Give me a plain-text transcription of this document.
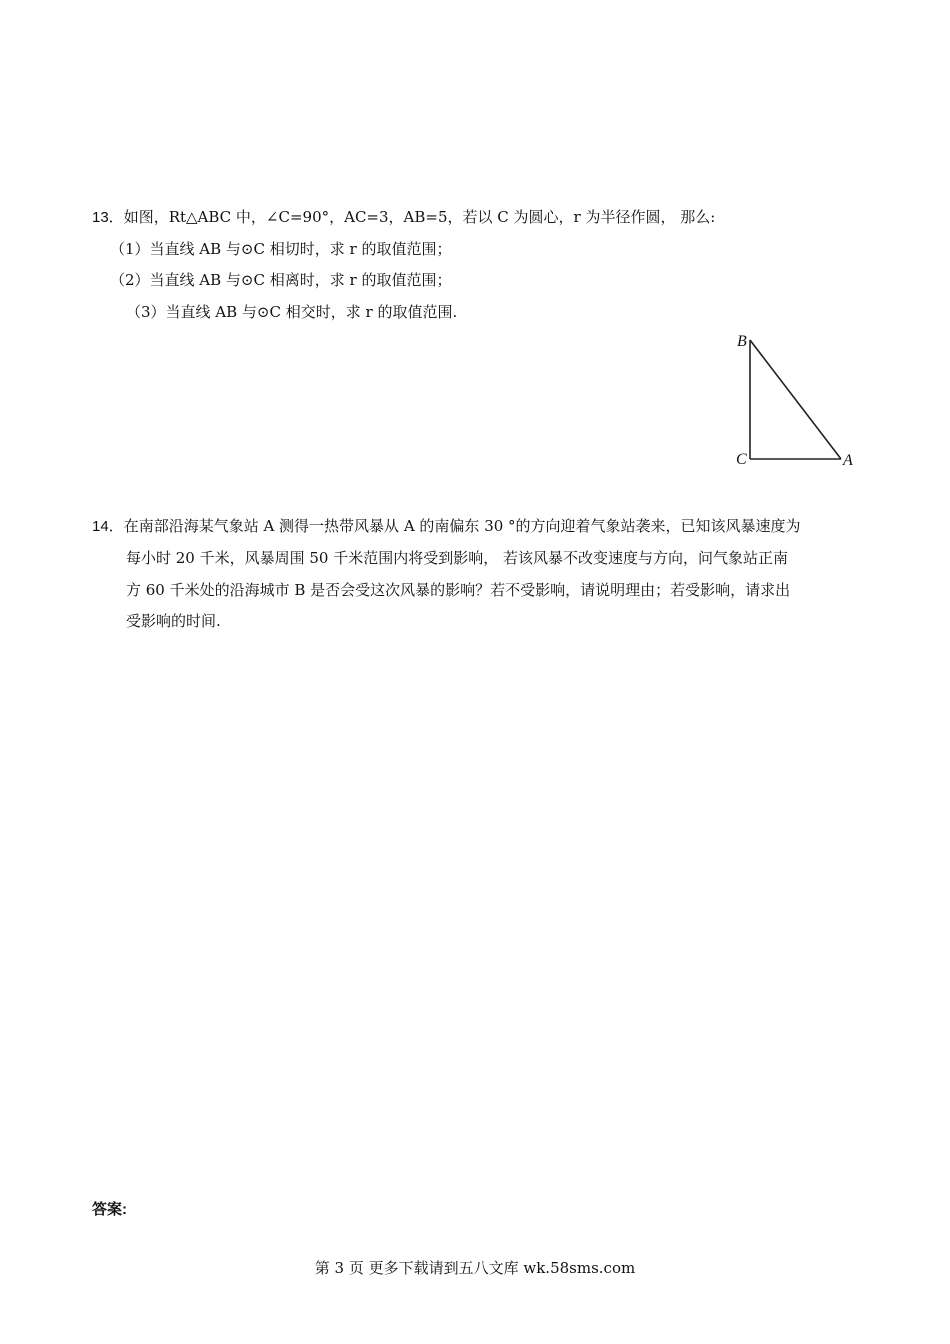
13．如图，Rt△ABC 中，∠C=90°，AC=3，AB=5，若以 C 为圆心，r 为半径作圆， 那么:
（1）当直线 AB 与⊙C 相切时，求 r 的取值范围；
（2）当直线 AB 与⊙C 相离时，求 r 的取值范围；
（3）当直线 AB 与⊙C 相交时，求 r 的取值范围.
B
C	A
14．在南部沿海某气象站 A 测得一热带风暴从 A 的南偏东 30 °的方向迎着气象站袭来，已知该风暴速度为
每小时 20 千米，风暴周围 50 千米范围内将受到影响， 若该风暴不改变速度与方向，问气象站正南
方 60 千米处的沿海城市 B 是否会受这次风暴的影响？若不受影响，请说明理由；若受影响，请求出
受影响的时间.
答案:
第 3 页 更多下载请到五八文库 wk.58sms.com
